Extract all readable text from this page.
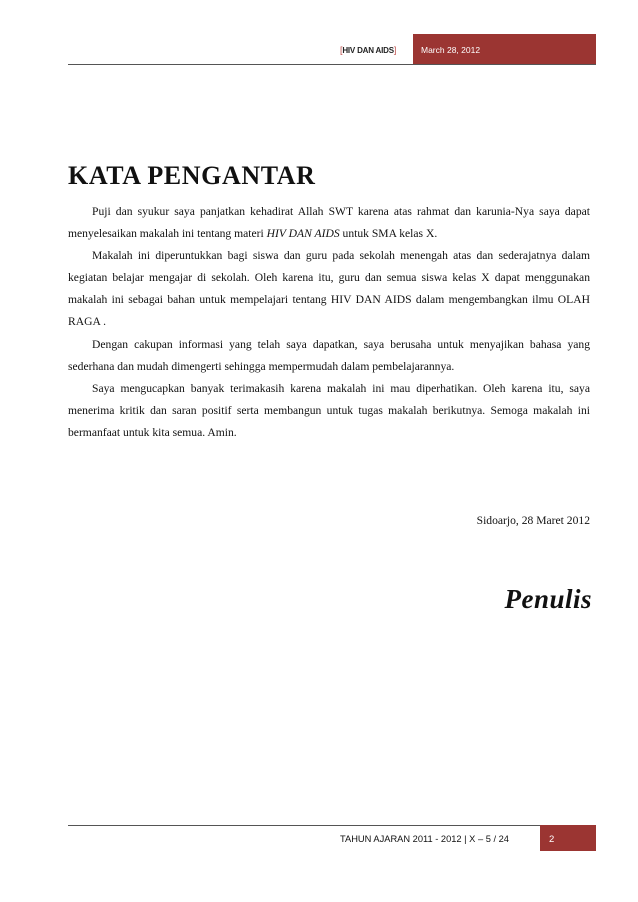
[HIV DAN AIDS]	March 28, 2012
KATA PENGANTAR

Puji dan syukur saya panjatkan kehadirat Allah SWT karena atas rahmat dan karunia-Nya saya dapat menyelesaikan makalah ini tentang materi HIV DAN AIDS untuk SMA kelas X.

Makalah ini diperuntukkan bagi siswa dan guru pada sekolah menengah atas dan sederajatnya dalam kegiatan belajar mengajar di sekolah. Oleh karena itu, guru dan semua siswa kelas X dapat menggunakan makalah ini sebagai bahan untuk mempelajari tentang HIV DAN AIDS dalam mengembangkan ilmu OLAH RAGA .

Dengan cakupan informasi yang telah saya dapatkan, saya berusaha untuk menyajikan bahasa yang sederhana dan mudah dimengerti sehingga mempermudah dalam pembelajarannya.

Saya mengucapkan banyak terimakasih karena makalah ini mau diperhatikan. Oleh karena itu, saya menerima kritik dan saran positif serta membangun untuk tugas makalah berikutnya. Semoga makalah ini bermanfaat untuk kita semua. Amin.

Sidoarjo, 28 Maret 2012
Penulis
TAHUN AJARAN 2011 - 2012 | X – 5 / 24	2
